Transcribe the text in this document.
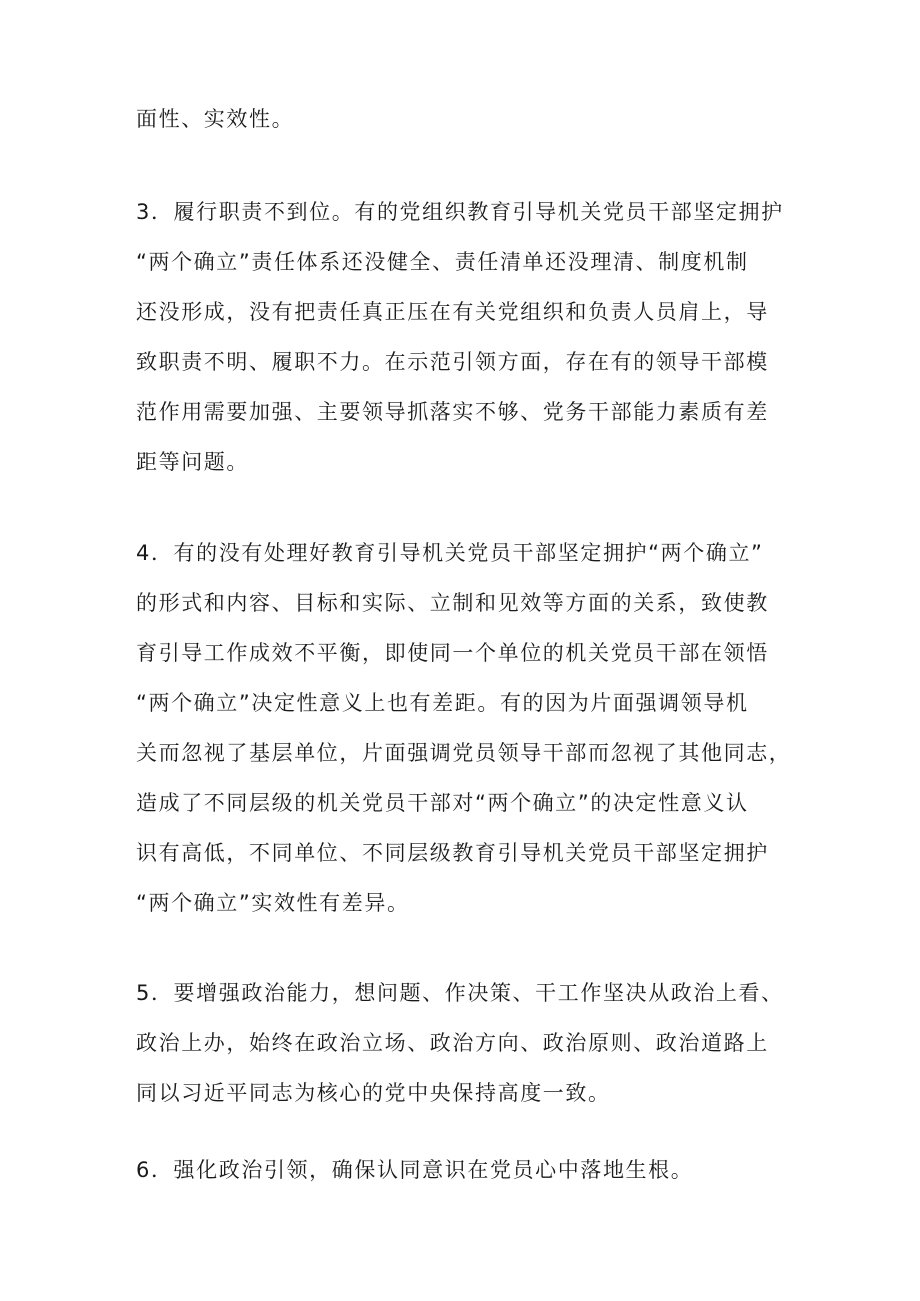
面性、实效性。
3．履行职责不到位。有的党组织教育引导机关党员干部坚定拥护
“两个确立”责任体系还没健全、责任清单还没理清、制度机制
还没形成，没有把责任真正压在有关党组织和负责人员肩上，导
致职责不明、履职不力。在示范引领方面，存在有的领导干部模
范作用需要加强、主要领导抓落实不够、党务干部能力素质有差
距等问题。
4．有的没有处理好教育引导机关党员干部坚定拥护“两个确立”
的形式和内容、目标和实际、立制和见效等方面的关系，致使教
育引导工作成效不平衡，即使同一个单位的机关党员干部在领悟
“两个确立”决定性意义上也有差距。有的因为片面强调领导机
关而忽视了基层单位，片面强调党员领导干部而忽视了其他同志，
造成了不同层级的机关党员干部对“两个确立”的决定性意义认
识有高低，不同单位、不同层级教育引导机关党员干部坚定拥护
“两个确立”实效性有差异。
5．要增强政治能力，想问题、作决策、干工作坚决从政治上看、
政治上办，始终在政治立场、政治方向、政治原则、政治道路上
同以习近平同志为核心的党中央保持高度一致。
6．强化政治引领，确保认同意识在党员心中落地生根。
